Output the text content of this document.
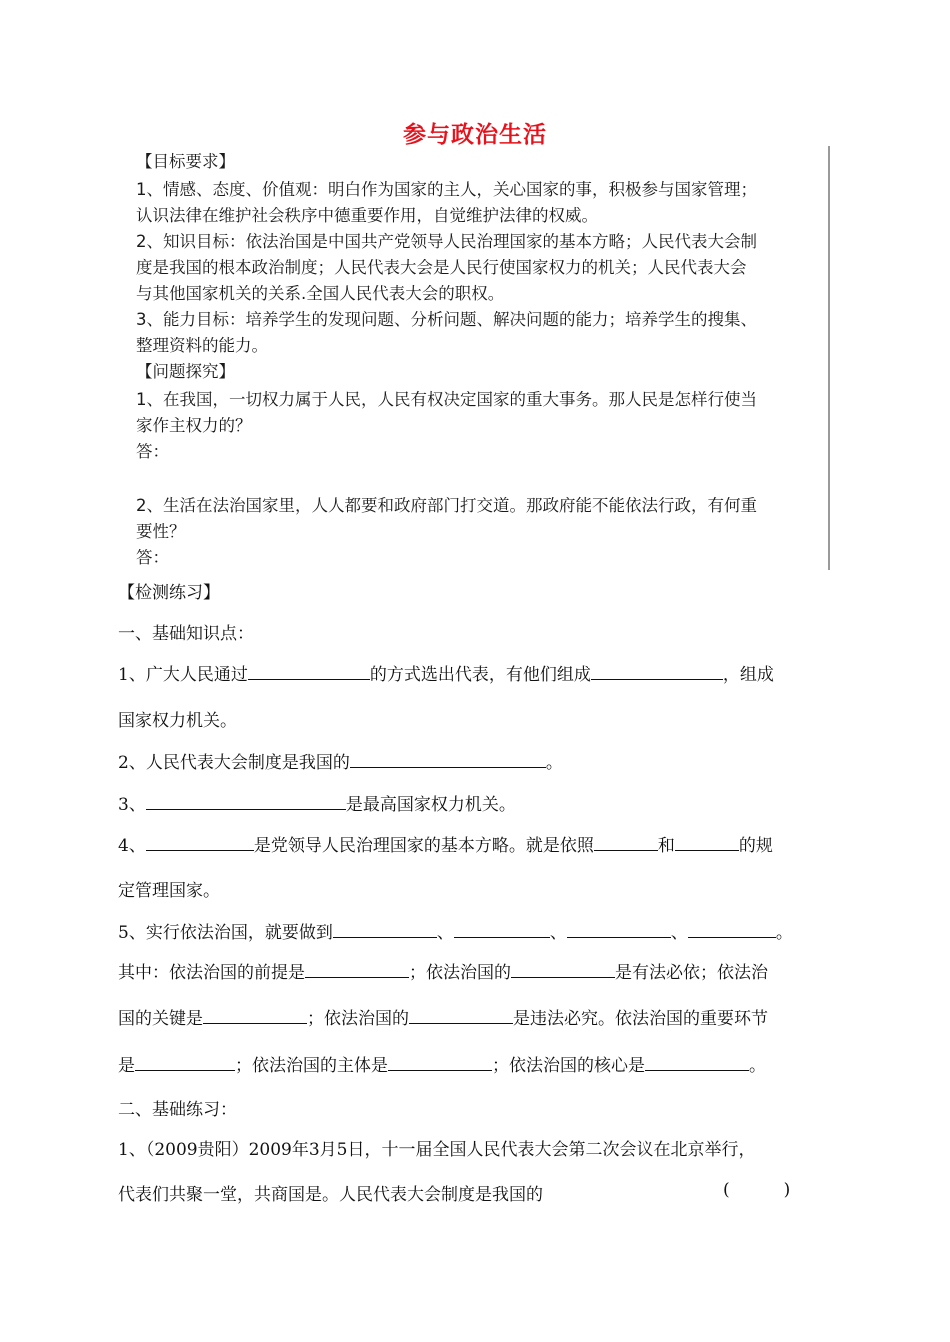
参与政治生活
【目标要求】
1、情感、态度、价值观：明白作为国家的主人，关心国家的事，积极参与国家管理；
认识法律在维护社会秩序中德重要作用，自觉维护法律的权威。
2、知识目标：依法治国是中国共产党领导人民治理国家的基本方略；人民代表大会制
度是我国的根本政治制度；人民代表大会是人民行使国家权力的机关；人民代表大会
与其他国家机关的关系.全国人民代表大会的职权。
3、能力目标：培养学生的发现问题、分析问题、解决问题的能力；培养学生的搜集、
整理资料的能力。
【问题探究】
1、在我国，一切权力属于人民，人民有权决定国家的重大事务。那人民是怎样行使当
家作主权力的？
答：
2、生活在法治国家里，人人都要和政府部门打交道。那政府能不能依法行政，有何重
要性？
答：
【检测练习】
一、基础知识点：
1、广大人民通过	的方式选出代表，有他们组成	，组成
国家权力机关。
2、人民代表大会制度是我国的	。
3、	是最高国家权力机关。
4、	是党领导人民治理国家的基本方略。就是依照	和	的规
定管理国家。
5、实行依法治国，就要做到	、	、	、	。
其中：依法治国的前提是	；依法治国的	是有法必依；依法治
国的关键是	；依法治国的	是违法必究。依法治国的重要环节
是	；依法治国的主体是	；依法治国的核心是	。
二、基础练习：
1、（2009贵阳）2009年3月5日，十一届全国人民代表大会第二次会议在北京举行，
代表们共聚一堂，共商国是。人民代表大会制度是我国的	(          )
